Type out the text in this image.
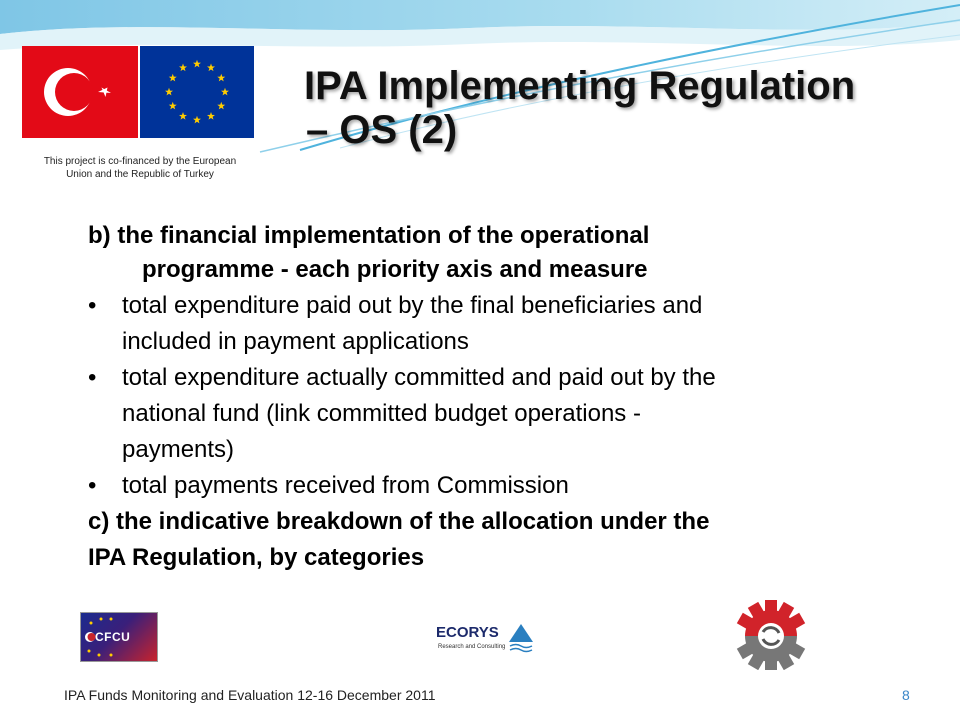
This project is co-financed by the European
Union and the Republic of Turkey
IPA Implementing Regulation
– OS (2)

b) the financial implementation of the operational
programme - each priority axis and measure

• total expenditure paid out by the final beneficiaries and
included in payment applications

• total expenditure actually committed and paid out by the
national fund (link committed budget operations -
payments)

• total payments received from Commission

c) the indicative breakdown of the allocation under the
IPA Regulation, by categories

CFCU	ECORYS
Research and Consulting
IPA Funds Monitoring and Evaluation 12-16 December 2011	8
